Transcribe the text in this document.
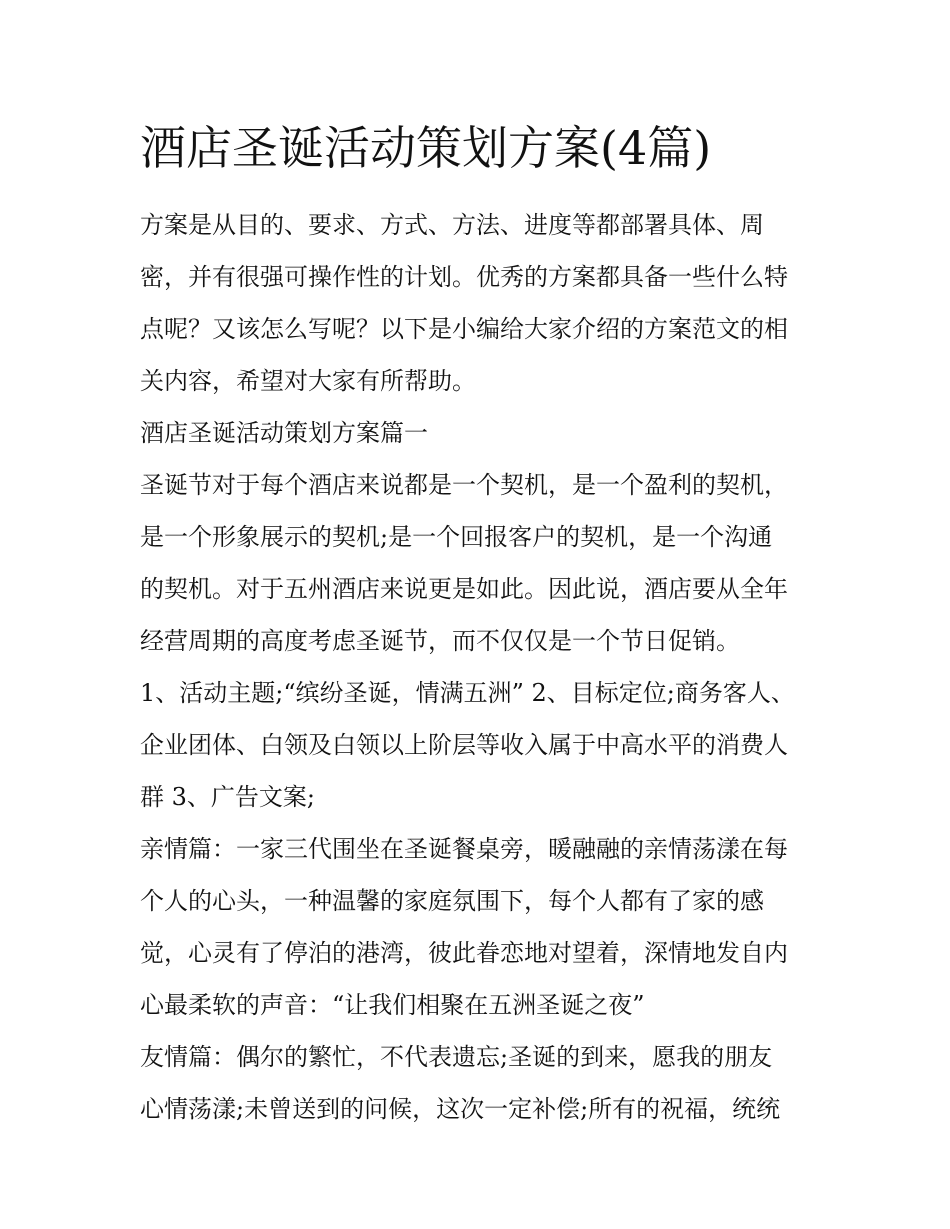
酒店圣诞活动策划方案(4篇)
方案是从目的、要求、方式、方法、进度等都部署具体、周
密，并有很强可操作性的计划。优秀的方案都具备一些什么特
点呢？又该怎么写呢？以下是小编给大家介绍的方案范文的相
关内容，希望对大家有所帮助。
酒店圣诞活动策划方案篇一
圣诞节对于每个酒店来说都是一个契机，是一个盈利的契机，
是一个形象展示的契机;是一个回报客户的契机，是一个沟通
的契机。对于五州酒店来说更是如此。因此说，酒店要从全年
经营周期的高度考虑圣诞节，而不仅仅是一个节日促销。
1、活动主题;“缤纷圣诞，情满五洲” 2、目标定位;商务客人、
企业团体、白领及白领以上阶层等收入属于中高水平的消费人
群 3、广告文案;
亲情篇：一家三代围坐在圣诞餐桌旁，暖融融的亲情荡漾在每
个人的心头，一种温馨的家庭氛围下，每个人都有了家的感
觉，心灵有了停泊的港湾，彼此眷恋地对望着，深情地发自内
心最柔软的声音：“让我们相聚在五洲圣诞之夜”
友情篇：偶尔的繁忙，不代表遗忘;圣诞的到来，愿我的朋友
心情荡漾;未曾送到的问候，这次一定补偿;所有的祝福，统统
